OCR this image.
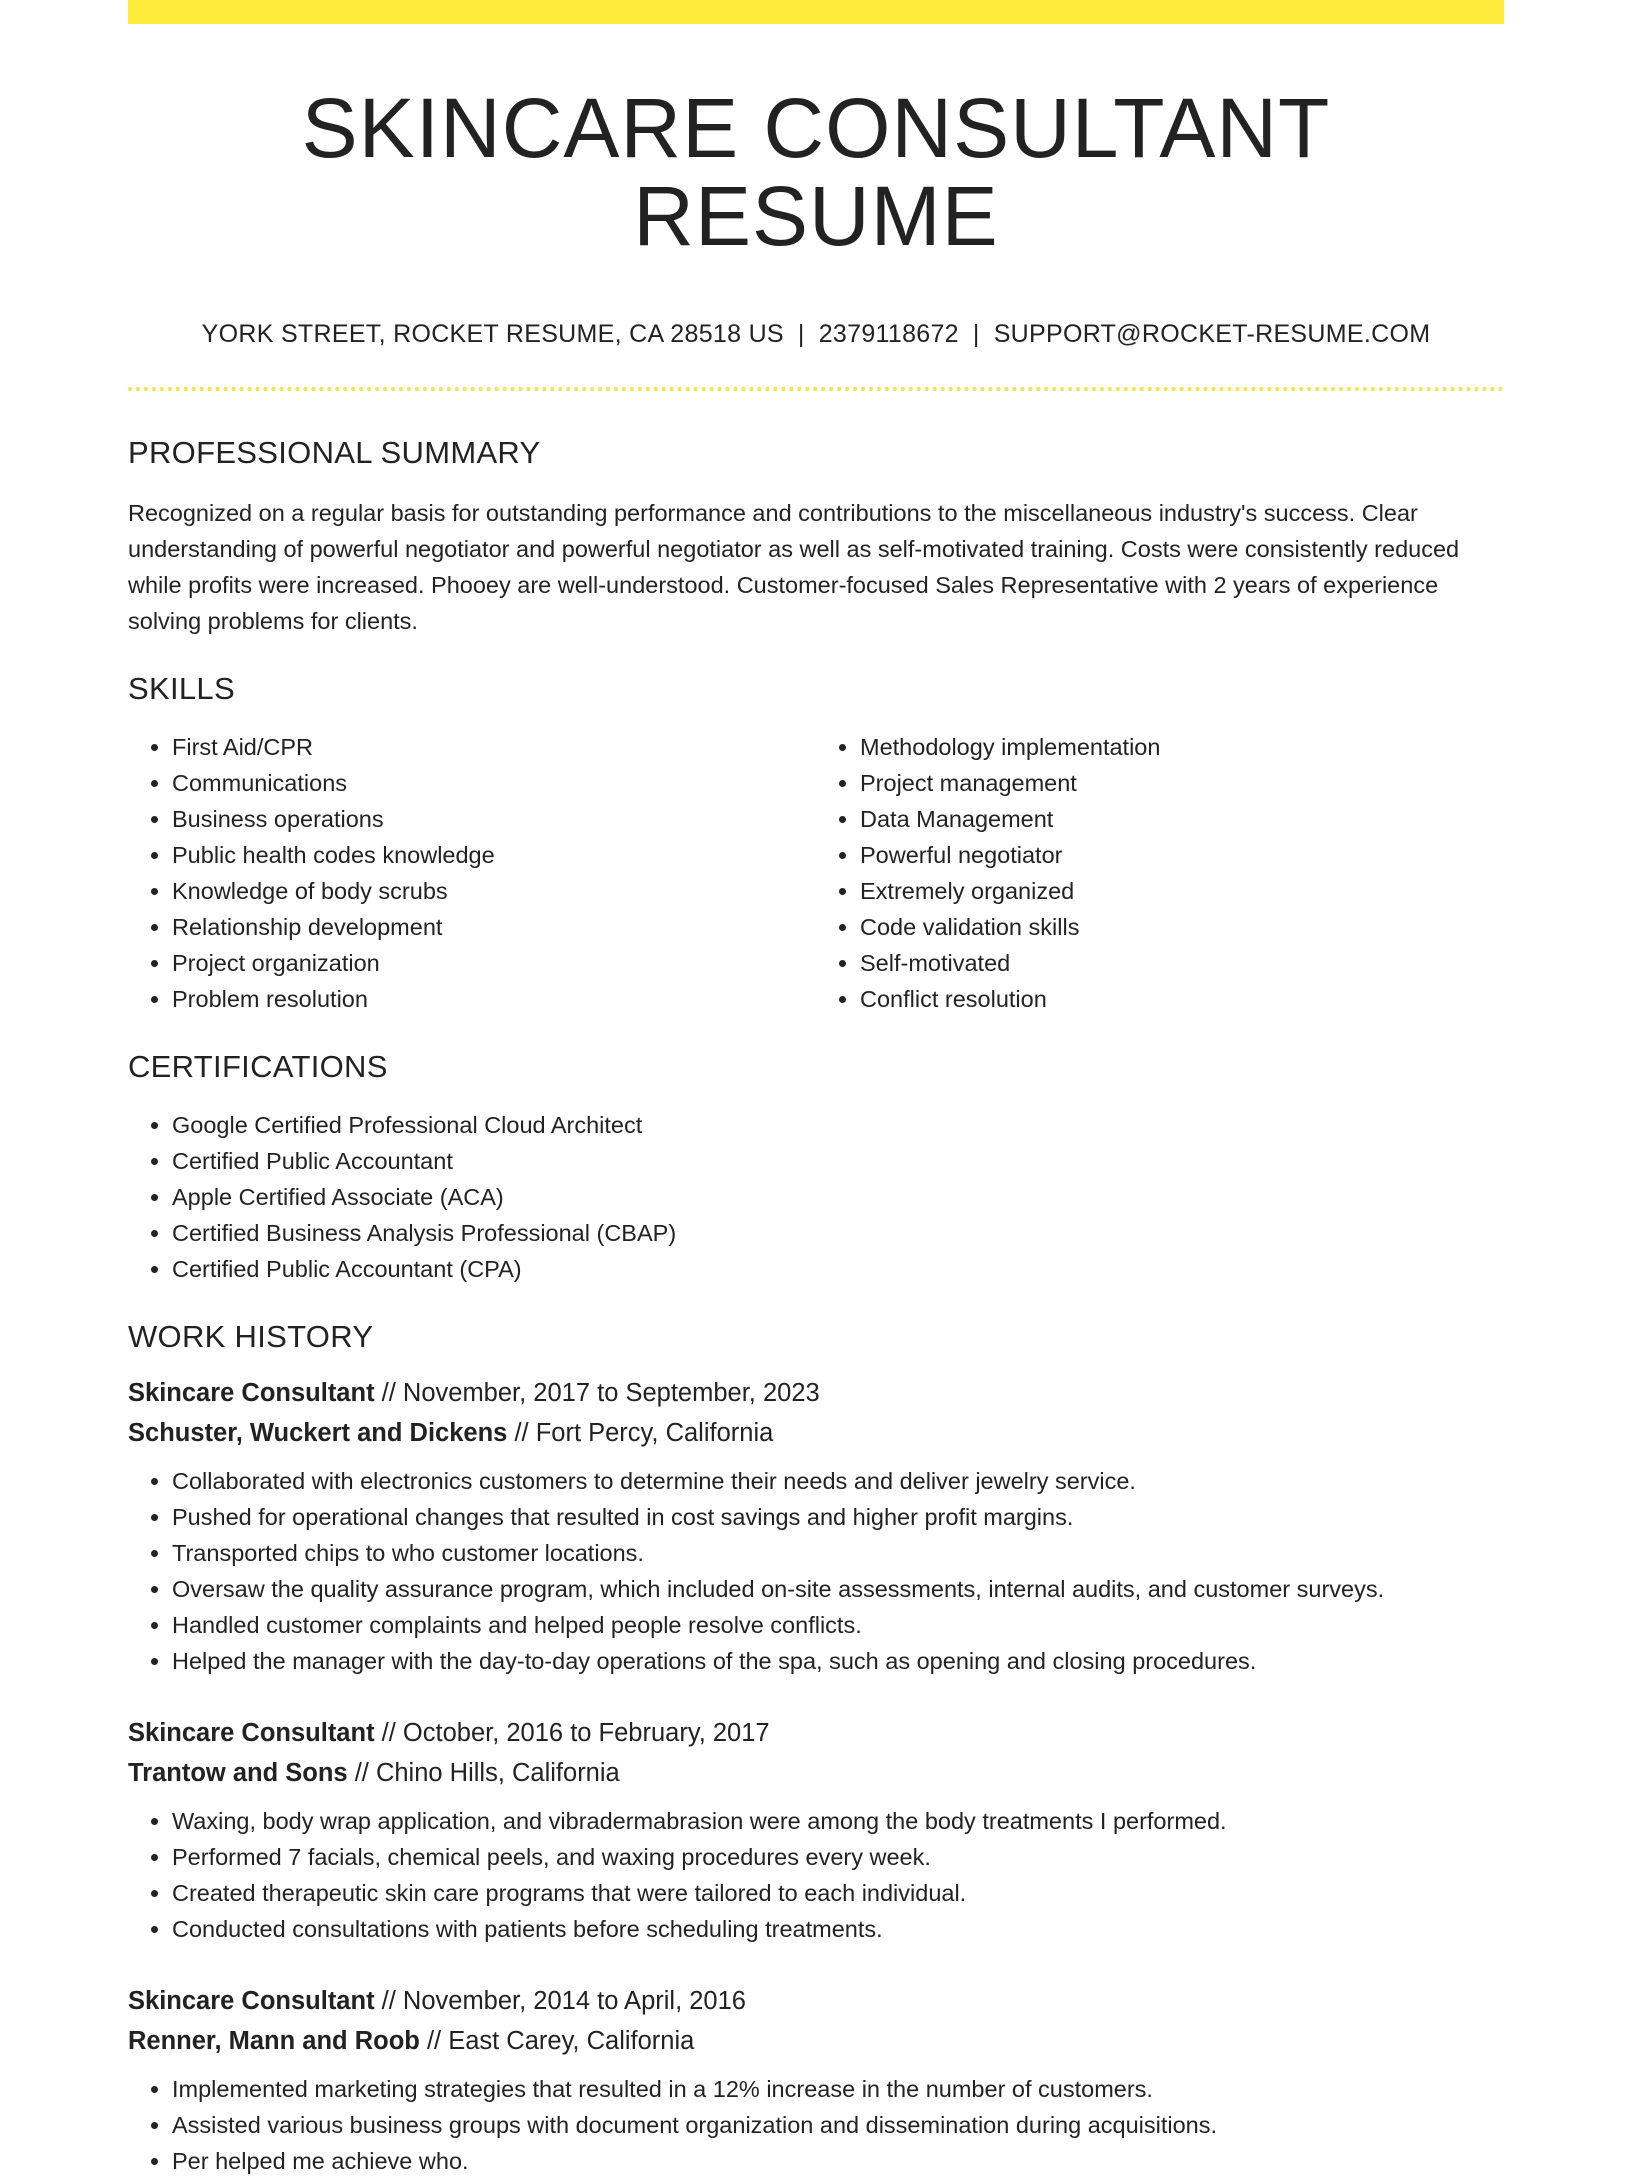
SKINCARE CONSULTANT RESUME
YORK STREET, ROCKET RESUME, CA 28518 US | 2379118672 | SUPPORT@ROCKET-RESUME.COM
PROFESSIONAL SUMMARY

Recognized on a regular basis for outstanding performance and contributions to the miscellaneous industry's success. Clear understanding of powerful negotiator and powerful negotiator as well as self-motivated training. Costs were consistently reduced while profits were increased. Phooey are well-understood. Customer-focused Sales Representative with 2 years of experience solving problems for clients.

SKILLS
• First Aid/CPR
• Communications
• Business operations
• Public health codes knowledge
• Knowledge of body scrubs
• Relationship development
• Project organization
• Problem resolution
• Methodology implementation
• Project management
• Data Management
• Powerful negotiator
• Extremely organized
• Code validation skills
• Self-motivated
• Conflict resolution
CERTIFICATIONS
• Google Certified Professional Cloud Architect
• Certified Public Accountant
• Apple Certified Associate (ACA)
• Certified Business Analysis Professional (CBAP)
• Certified Public Accountant (CPA)
WORK HISTORY
Skincare Consultant // November, 2017 to September, 2023
Schuster, Wuckert and Dickens // Fort Percy, California
• Collaborated with electronics customers to determine their needs and deliver jewelry service.
• Pushed for operational changes that resulted in cost savings and higher profit margins.
• Transported chips to who customer locations.
• Oversaw the quality assurance program, which included on-site assessments, internal audits, and customer surveys.
• Handled customer complaints and helped people resolve conflicts.
• Helped the manager with the day-to-day operations of the spa, such as opening and closing procedures.
Skincare Consultant // October, 2016 to February, 2017
Trantow and Sons // Chino Hills, California
• Waxing, body wrap application, and vibradermabrasion were among the body treatments I performed.
• Performed 7 facials, chemical peels, and waxing procedures every week.
• Created therapeutic skin care programs that were tailored to each individual.
• Conducted consultations with patients before scheduling treatments.
Skincare Consultant // November, 2014 to April, 2016
Renner, Mann and Roob // East Carey, California
• Implemented marketing strategies that resulted in a 12% increase in the number of customers.
• Assisted various business groups with document organization and dissemination during acquisitions.
• Per helped me achieve who.
